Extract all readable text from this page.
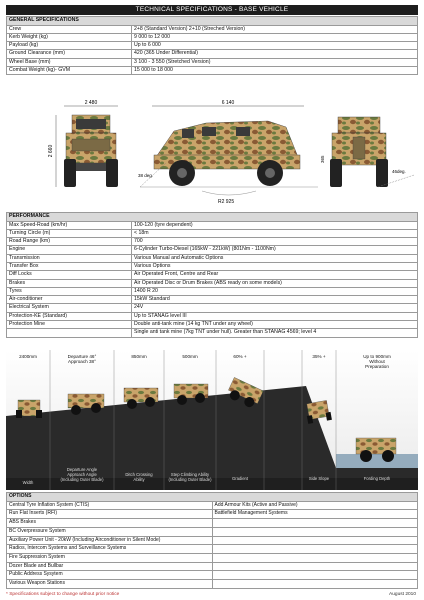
TECHNICAL SPECIFICATIONS - BASE VEHICLE
GENERAL SPECIFICATIONS	
Crew	2+8 (Standard Version) 2+10 (Streched Version)
Kerb Weight (kg)	9 000 to 12 000
Payload (kg)	Up to 6 000
Ground Clearance (mm)	420 (365 Under Differential)
Wheel Base (mm)	3 100 - 3 550 (Stretched Version)
Combat Weight (kg)- GVM	15 000 to 18 000
2 480
2 660
6 140
38 deg.
R2 925
365
46deg.
PERFORMANCE	
Max Speed-Road (km/hr)	100-120 (tyre dependent)
Turning Circle (m)	< 18m
Road Range (km)	700
Engine	6-Cylinder Turbo-Diesel (165kW - 221kW) (801Nm - 1100Nm)
Transmission	Various Manual and Automatic Options
Transfer Box	Various Options
Diff Locks	Air Operated Front, Centre and Rear
Brakes	Air Operated Disc or Drum Brakes (ABS ready on some models)
Tyres	1400 R 20
Air-conditioner	15kW Standard
Electrical System	24V
Protection-KE (Standard)	Up to STANAG level III
Protection Mine	Double anti-tank mine (14 kg TNT under any wheel)
	Single anti tank mine (7kg TNT under hull). Greater than STANAG 4569; level 4
2400mm	Departure 46°
Approach 38°
850mm	500mm	60% +	35% +	Up to 900mm
Without
Preparation
Width
Departure Angle
Approach Angle
(Including Outer Blade)
Ditch Crossing
Ability
Step Climbing Ability
(Including Outer Blade)	Gradient	Side Slope	Fording Depth
OPTIONS	
Central Tyre Inflation System (CTIS)	Add Armour Kits (Active and Passive)
Run Flat Inserts (RFI)	Battlefield Management Systems
ABS Brakes	
BC Overpressure System	
Auxiliary Power Unit - 20kW (Including Airconditioner in Silent Mode)	
Radios, Intercom Systems and Surveillance Systems	
Fire Suppression System	
Dozer Blade and Bullbar	
Public Address Sysytem	
Various Weapon Stations	
* Specifications subject to change without prior notice	August 2010
